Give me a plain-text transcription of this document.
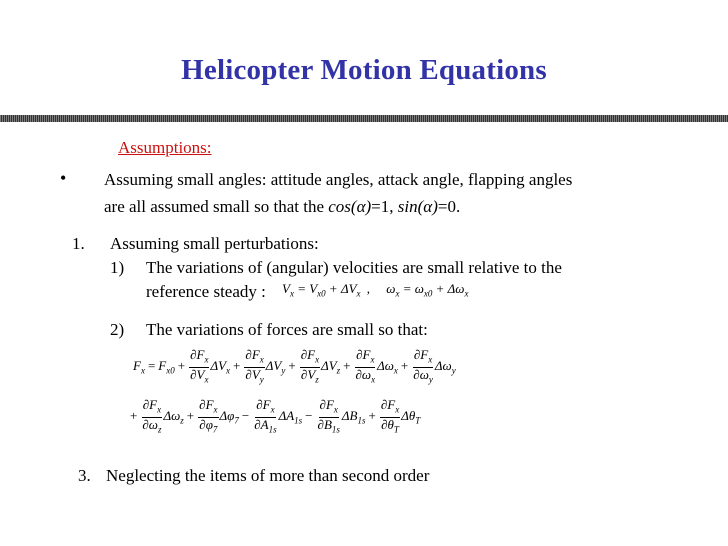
Helicopter Motion Equations
Assumptions:
• Assuming small angles: attitude angles, attack angle, flapping angles
are all assumed small so that the cos(α)=1, sin(α)=0.
1. Assuming small perturbations:
1) The variations of (angular) velocities are small relative to the
reference steady : $V_x = V_{x0} + \Delta V_x$ , $\omega_x = \omega_{x0} + \Delta\omega_x$
2) The variations of forces are small so that:
$F_x = F_{x0} + \frac{\partial F_x}{\partial V_x} \Delta V_x + \frac{\partial F_x}{\partial V_y} \Delta V_y + \frac{\partial F_x}{\partial V_z} \Delta V_z + \frac{\partial F_x}{\partial\omega_x} \Delta\omega_x + \frac{\partial F_x}{\partial\omega_y} \Delta\omega_y$
+ $\frac{\partial F_x}{\partial\omega_z} \Delta\omega_z + \frac{\partial F_x}{\partial\varphi_7} \Delta\varphi_7 - \frac{\partial F_x}{\partial A_{1s}} \Delta A_{1s} - \frac{\partial F_x}{\partial B_{1s}} \Delta B_{1s} + \frac{\partial F_x}{\partial\theta_T} \Delta\theta_T$
3. Neglecting the items of more than second order
